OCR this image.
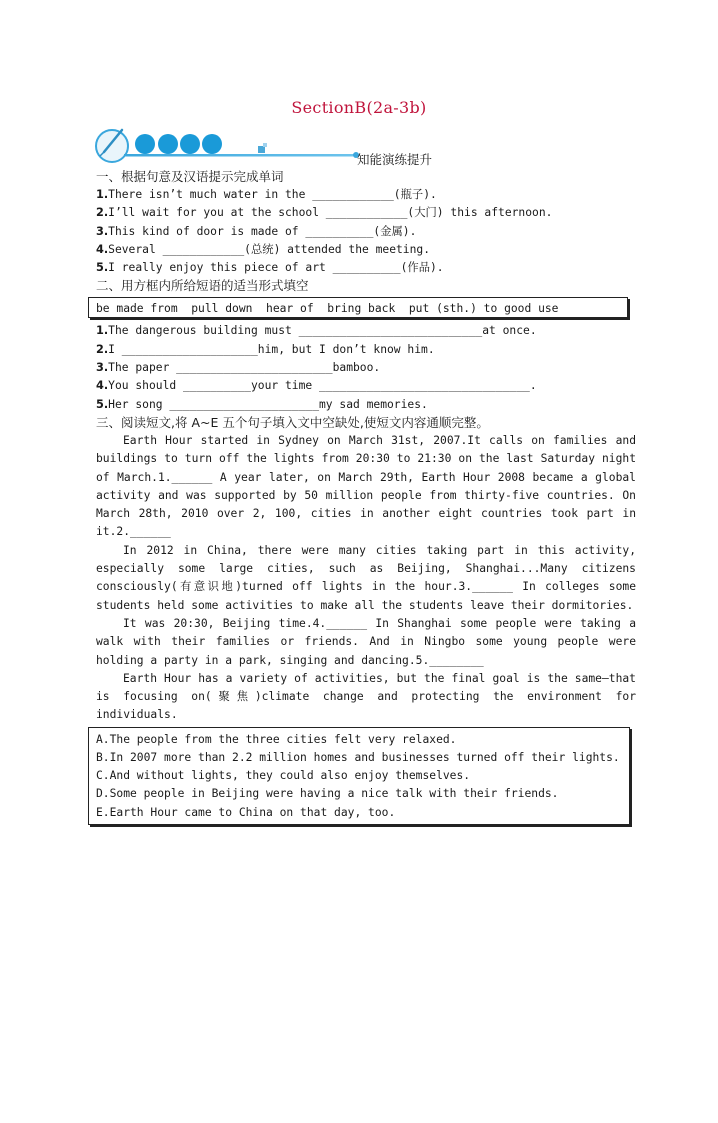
SectionB(2a-3b)
知能演练提升
一、根据句意及汉语提示完成单词
1.There isn’t much water in the ____________(瓶子).
2.I’ll wait for you at the school ____________(大门) this afternoon.
3.This kind of door is made of __________(金属).
4.Several ____________(总统) attended the meeting.
5.I really enjoy this piece of art __________(作品).
二、用方框内所给短语的适当形式填空
be made from  pull down  hear of  bring back  put (sth.) to good use
1.The dangerous building must ___________________________at once.
2.I ____________________him, but I don’t know him.
3.The paper _______________________bamboo.
4.You should __________your time _______________________________.
5.Her song ______________________my sad memories.
三、阅读短文,将 A~E 五个句子填入文中空缺处,使短文内容通顺完整。

Earth Hour started in Sydney on March 31st, 2007.It calls on families and buildings to turn off the lights from 20:30 to 21:30 on the last Saturday night of March.1.______ A year later, on March 29th, Earth Hour 2008 became a global activity and was supported by 50 million people from thirty-five countries. On March 28th, 2010 over 2, 100, cities in another eight countries took part in it.2.______

In 2012 in China, there were many cities taking part in this activity, especially some large cities, such as Beijing, Shanghai...Many citizens consciously(有意识地)turned off lights in the hour.3.______ In colleges some students held some activities to make all the students leave their dormitories.

It was 20:30, Beijing time.4.______ In Shanghai some people were taking a walk with their families or friends. And in Ningbo some young people were holding a party in a park, singing and dancing.5.________

Earth Hour has a variety of activities, but the final goal is the same—that is focusing on(聚焦)climate change and protecting the environment for individuals.

A.The people from the three cities felt very relaxed.
B.In 2007 more than 2.2 million homes and businesses turned off their lights.
C.And without lights, they could also enjoy themselves.
D.Some people in Beijing were having a nice talk with their friends.
E.Earth Hour came to China on that day, too.
